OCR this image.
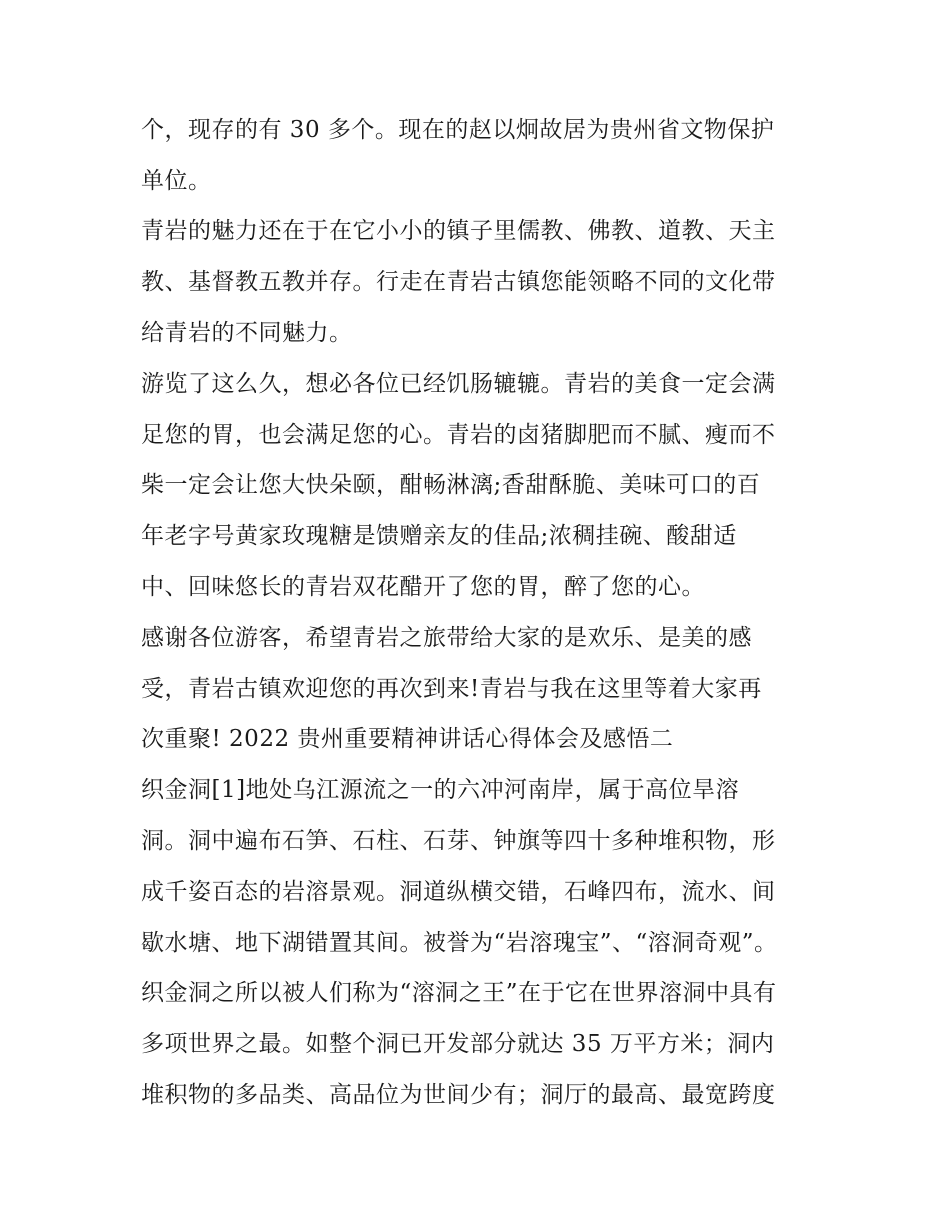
个，现存的有 30 多个。现在的赵以炯故居为贵州省文物保护
单位。
青岩的魅力还在于在它小小的镇子里儒教、佛教、道教、天主
教、基督教五教并存。行走在青岩古镇您能领略不同的文化带
给青岩的不同魅力。
游览了这么久，想必各位已经饥肠辘辘。青岩的美食一定会满
足您的胃，也会满足您的心。青岩的卤猪脚肥而不腻、瘦而不
柴一定会让您大快朵颐，酣畅淋漓;香甜酥脆、美味可口的百
年老字号黄家玫瑰糖是馈赠亲友的佳品;浓稠挂碗、酸甜适
中、回味悠长的青岩双花醋开了您的胃，醉了您的心。
感谢各位游客，希望青岩之旅带给大家的是欢乐、是美的感
受，青岩古镇欢迎您的再次到来!青岩与我在这里等着大家再
次重聚! 2022 贵州重要精神讲话心得体会及感悟二
织金洞[1]地处乌江源流之一的六冲河南岸，属于高位旱溶
洞。洞中遍布石笋、石柱、石芽、钟旗等四十多种堆积物，形
成千姿百态的岩溶景观。洞道纵横交错，石峰四布，流水、间
歇水塘、地下湖错置其间。被誉为“岩溶瑰宝”、“溶洞奇观”。
织金洞之所以被人们称为“溶洞之王”在于它在世界溶洞中具有
多项世界之最。如整个洞已开发部分就达 35 万平方米；洞内
堆积物的多品类、高品位为世间少有；洞厅的最高、最宽跨度
